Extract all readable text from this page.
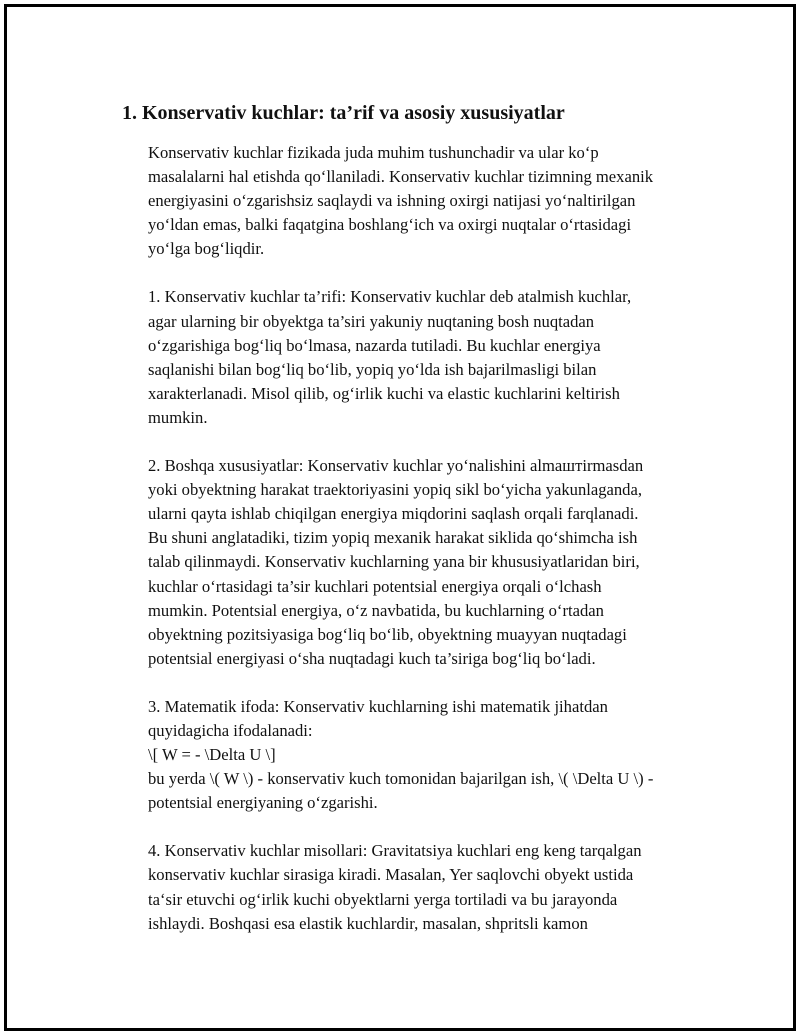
1. Konservativ kuchlar: ta’rif va asosiy xususiyatlar

Konservativ kuchlar fizikada juda muhim tushunchadir va ular ko‘p
masalalarni hal etishda qo‘llaniladi. Konservativ kuchlar tizimning mexanik
energiyasini o‘zgarishsiz saqlaydi va ishning oxirgi natijasi yo‘naltirilgan
yo‘ldan emas, balki faqatgina boshlang‘ich va oxirgi nuqtalar o‘rtasidagi
yo‘lga bog‘liqdir.

1. Konservativ kuchlar ta’rifi: Konservativ kuchlar deb atalmish kuchlar,
agar ularning bir obyektga ta’siri yakuniy nuqtaning bosh nuqtadan
o‘zgarishiga bog‘liq bo‘lmasa, nazarda tutiladi. Bu kuchlar energiya
saqlanishi bilan bog‘liq bo‘lib, yopiq yo‘lda ish bajarilmasligi bilan
xarakterlanadi. Misol qilib, og‘irlik kuchi va elastic kuchlarini keltirish
mumkin.

2. Boshqa xususiyatlar: Konservativ kuchlar yo‘nalishini almaштirmasdan
yoki obyektning harakat traektoriyasini yopiq sikl bo‘yicha yakunlaganda,
ularni qayta ishlab chiqilgan energiya miqdorini saqlash orqali farqlanadi.
Bu shuni anglatadiki, tizim yopiq mexanik harakat siklida qo‘shimcha ish
talab qilinmaydi. Konservativ kuchlarning yana bir khususiyatlaridan biri,
kuchlar o‘rtasidagi ta’sir kuchlari potentsial energiya orqali o‘lchash
mumkin. Potentsial energiya, o‘z navbatida, bu kuchlarning o‘rtadan
obyektning pozitsiyasiga bog‘liq bo‘lib, obyektning muayyan nuqtadagi
potentsial energiyasi o‘sha nuqtadagi kuch ta’siriga bog‘liq bo‘ladi.

3. Matematik ifoda: Konservativ kuchlarning ishi matematik jihatdan
quyidagicha ifodalanadi:
\[ W = - \Delta U \]
bu yerda \( W \) - konservativ kuch tomonidan bajarilgan ish, \( \Delta U \) -
potentsial energiyaning o‘zgarishi.

4. Konservativ kuchlar misollari: Gravitatsiya kuchlari eng keng tarqalgan
konservativ kuchlar sirasiga kiradi. Masalan, Yer saqlovchi obyekt ustida
ta‘sir etuvchi og‘irlik kuchi obyektlarni yerga tortiladi va bu jarayonda
ishlaydi. Boshqasi esa elastik kuchlardir, masalan, shpritsli kamon
